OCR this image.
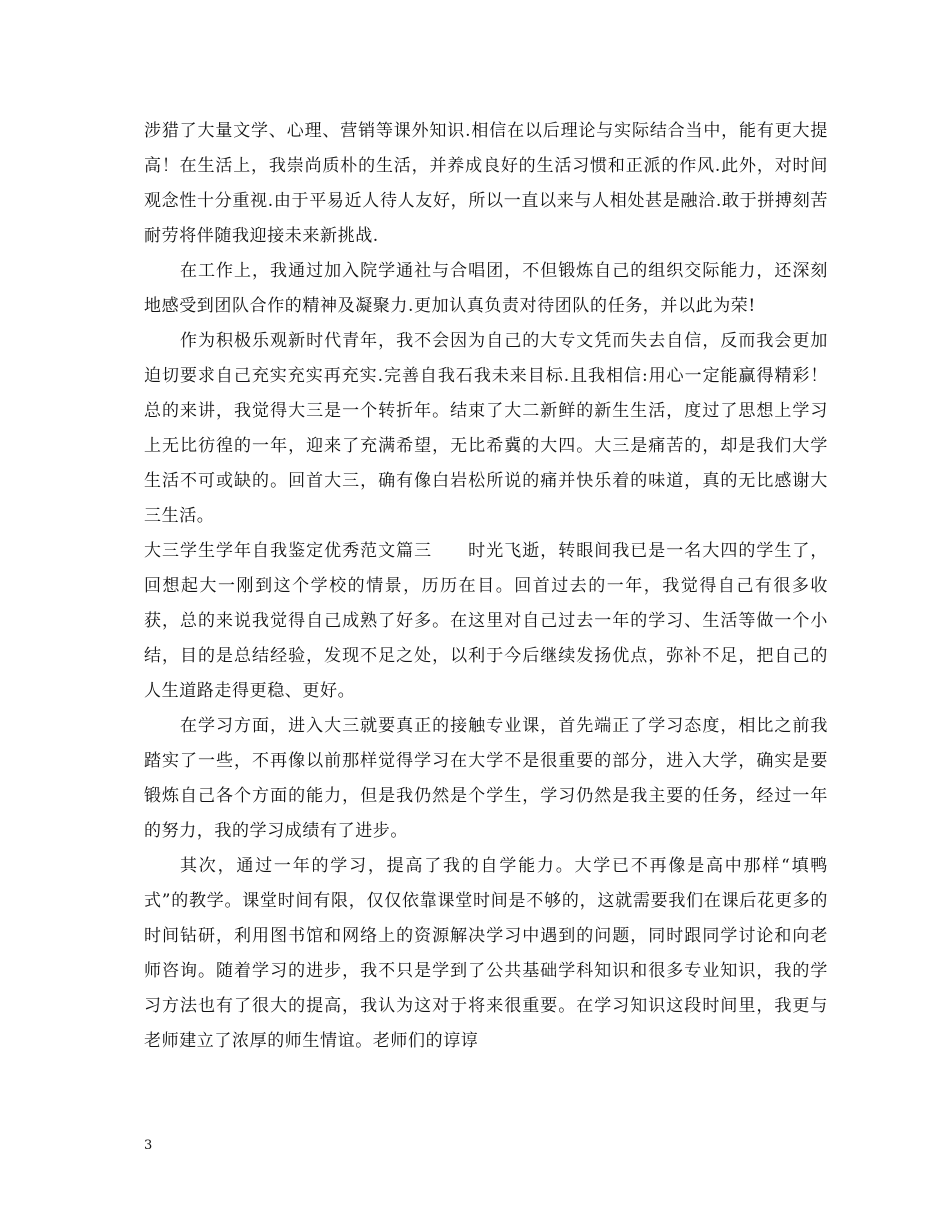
涉猎了大量文学、心理、营销等课外知识.相信在以后理论与实际结合当中，能有更大提高！在生活上，我崇尚质朴的生活，并养成良好的生活习惯和正派的作风.此外，对时间观念性十分重视.由于平易近人待人友好，所以一直以来与人相处甚是融洽.敢于拼搏刻苦耐劳将伴随我迎接未来新挑战.

在工作上，我通过加入院学通社与合唱团，不但锻炼自己的组织交际能力，还深刻地感受到团队合作的精神及凝聚力.更加认真负责对待团队的任务，并以此为荣!

作为积极乐观新时代青年，我不会因为自己的大专文凭而失去自信，反而我会更加迫切要求自己充实充实再充实.完善自我石我未来目标.且我相信:用心一定能赢得精彩！总的来讲，我觉得大三是一个转折年。结束了大二新鲜的新生生活，度过了思想上学习上无比彷徨的一年，迎来了充满希望，无比希冀的大四。大三是痛苦的，却是我们大学生活不可或缺的。回首大三，确有像白岩松所说的痛并快乐着的味道，真的无比感谢大三生活。

大三学生学年自我鉴定优秀范文篇三　　时光飞逝，转眼间我已是一名大四的学生了，回想起大一刚到这个学校的情景，历历在目。回首过去的一年，我觉得自己有很多收获，总的来说我觉得自己成熟了好多。在这里对自己过去一年的学习、生活等做一个小结，目的是总结经验，发现不足之处，以利于今后继续发扬优点，弥补不足，把自己的人生道路走得更稳、更好。

在学习方面，进入大三就要真正的接触专业课，首先端正了学习态度，相比之前我踏实了一些，不再像以前那样觉得学习在大学不是很重要的部分，进入大学，确实是要锻炼自己各个方面的能力，但是我仍然是个学生，学习仍然是我主要的任务，经过一年的努力，我的学习成绩有了进步。

其次，通过一年的学习，提高了我的自学能力。大学已不再像是高中那样“填鸭式”的教学。课堂时间有限，仅仅依靠课堂时间是不够的，这就需要我们在课后花更多的时间钻研，利用图书馆和网络上的资源解决学习中遇到的问题，同时跟同学讨论和向老师咨询。随着学习的进步，我不只是学到了公共基础学科知识和很多专业知识，我的学习方法也有了很大的提高，我认为这对于将来很重要。在学习知识这段时间里，我更与老师建立了浓厚的师生情谊。老师们的谆谆

3
